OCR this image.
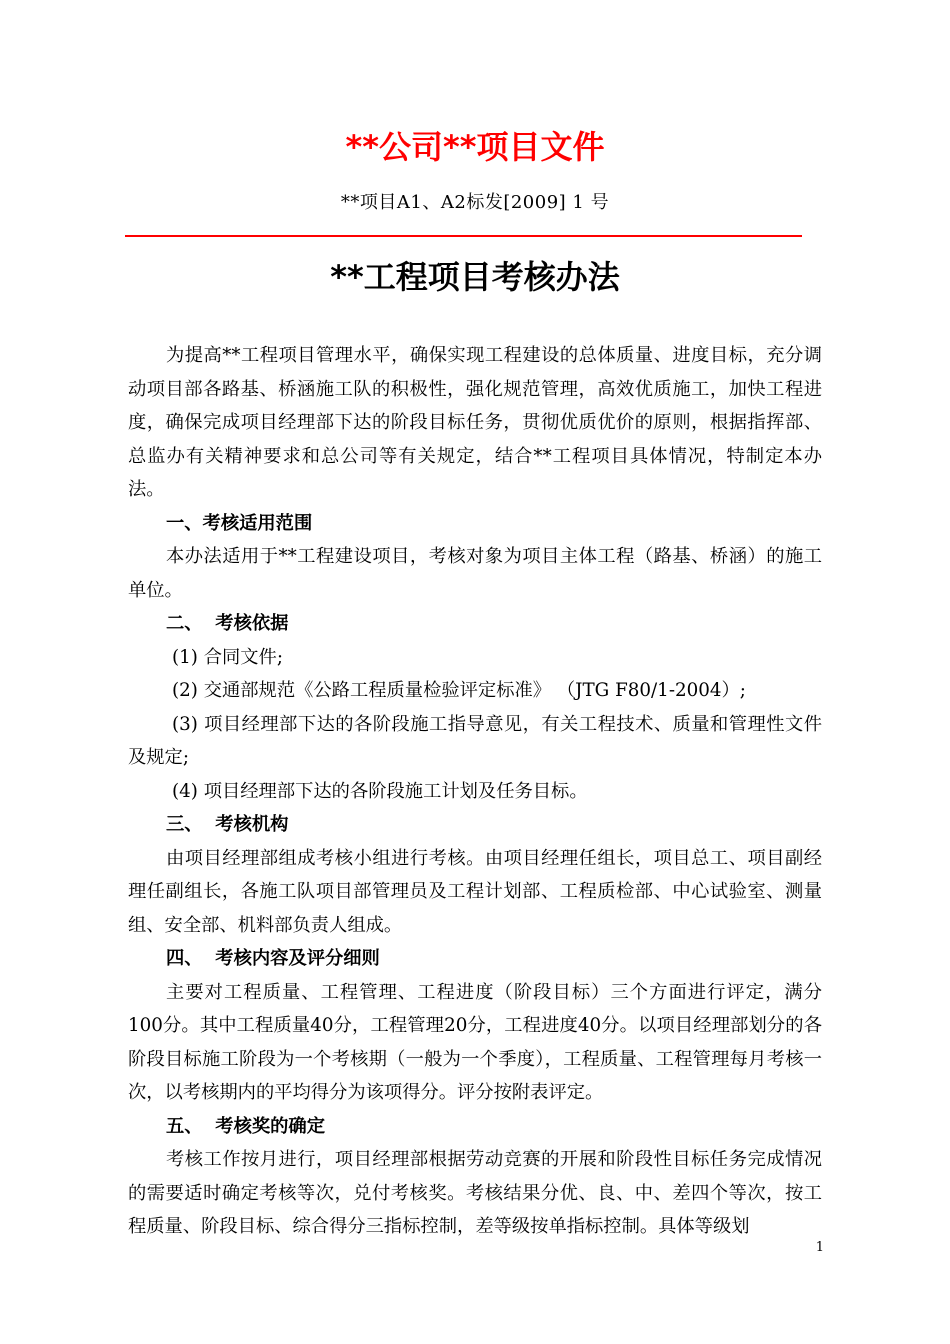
**公司**项目文件
**项目A1、A2标发[2009] 1 号
**工程项目考核办法

为提高**工程项目管理水平，确保实现工程建设的总体质量、进度目标，充分调动项目部各路基、桥涵施工队的积极性，强化规范管理，高效优质施工，加快工程进度，确保完成项目经理部下达的阶段目标任务，贯彻优质优价的原则，根据指挥部、总监办有关精神要求和总公司等有关规定，结合**工程项目具体情况，特制定本办法。

一、考核适用范围

本办法适用于**工程建设项目，考核对象为项目主体工程（路基、桥涵）的施工单位。

二、  考核依据

(1) 合同文件;

(2) 交通部规范《公路工程质量检验评定标准》 （JTG F80/1-2004）;

(3) 项目经理部下达的各阶段施工指导意见，有关工程技术、质量和管理性文件及规定;

(4) 项目经理部下达的各阶段施工计划及任务目标。

三、  考核机构

由项目经理部组成考核小组进行考核。由项目经理任组长，项目总工、项目副经理任副组长，各施工队项目部管理员及工程计划部、工程质检部、中心试验室、测量组、安全部、机料部负责人组成。

四、  考核内容及评分细则

主要对工程质量、工程管理、工程进度（阶段目标）三个方面进行评定，满分100分。其中工程质量40分，工程管理20分，工程进度40分。以项目经理部划分的各阶段目标施工阶段为一个考核期（一般为一个季度），工程质量、工程管理每月考核一次，以考核期内的平均得分为该项得分。评分按附表评定。

五、  考核奖的确定

考核工作按月进行，项目经理部根据劳动竞赛的开展和阶段性目标任务完成情况的需要适时确定考核等次，兑付考核奖。考核结果分优、良、中、差四个等次，按工程质量、阶段目标、综合得分三指标控制，差等级按单指标控制。具体等级划

1
